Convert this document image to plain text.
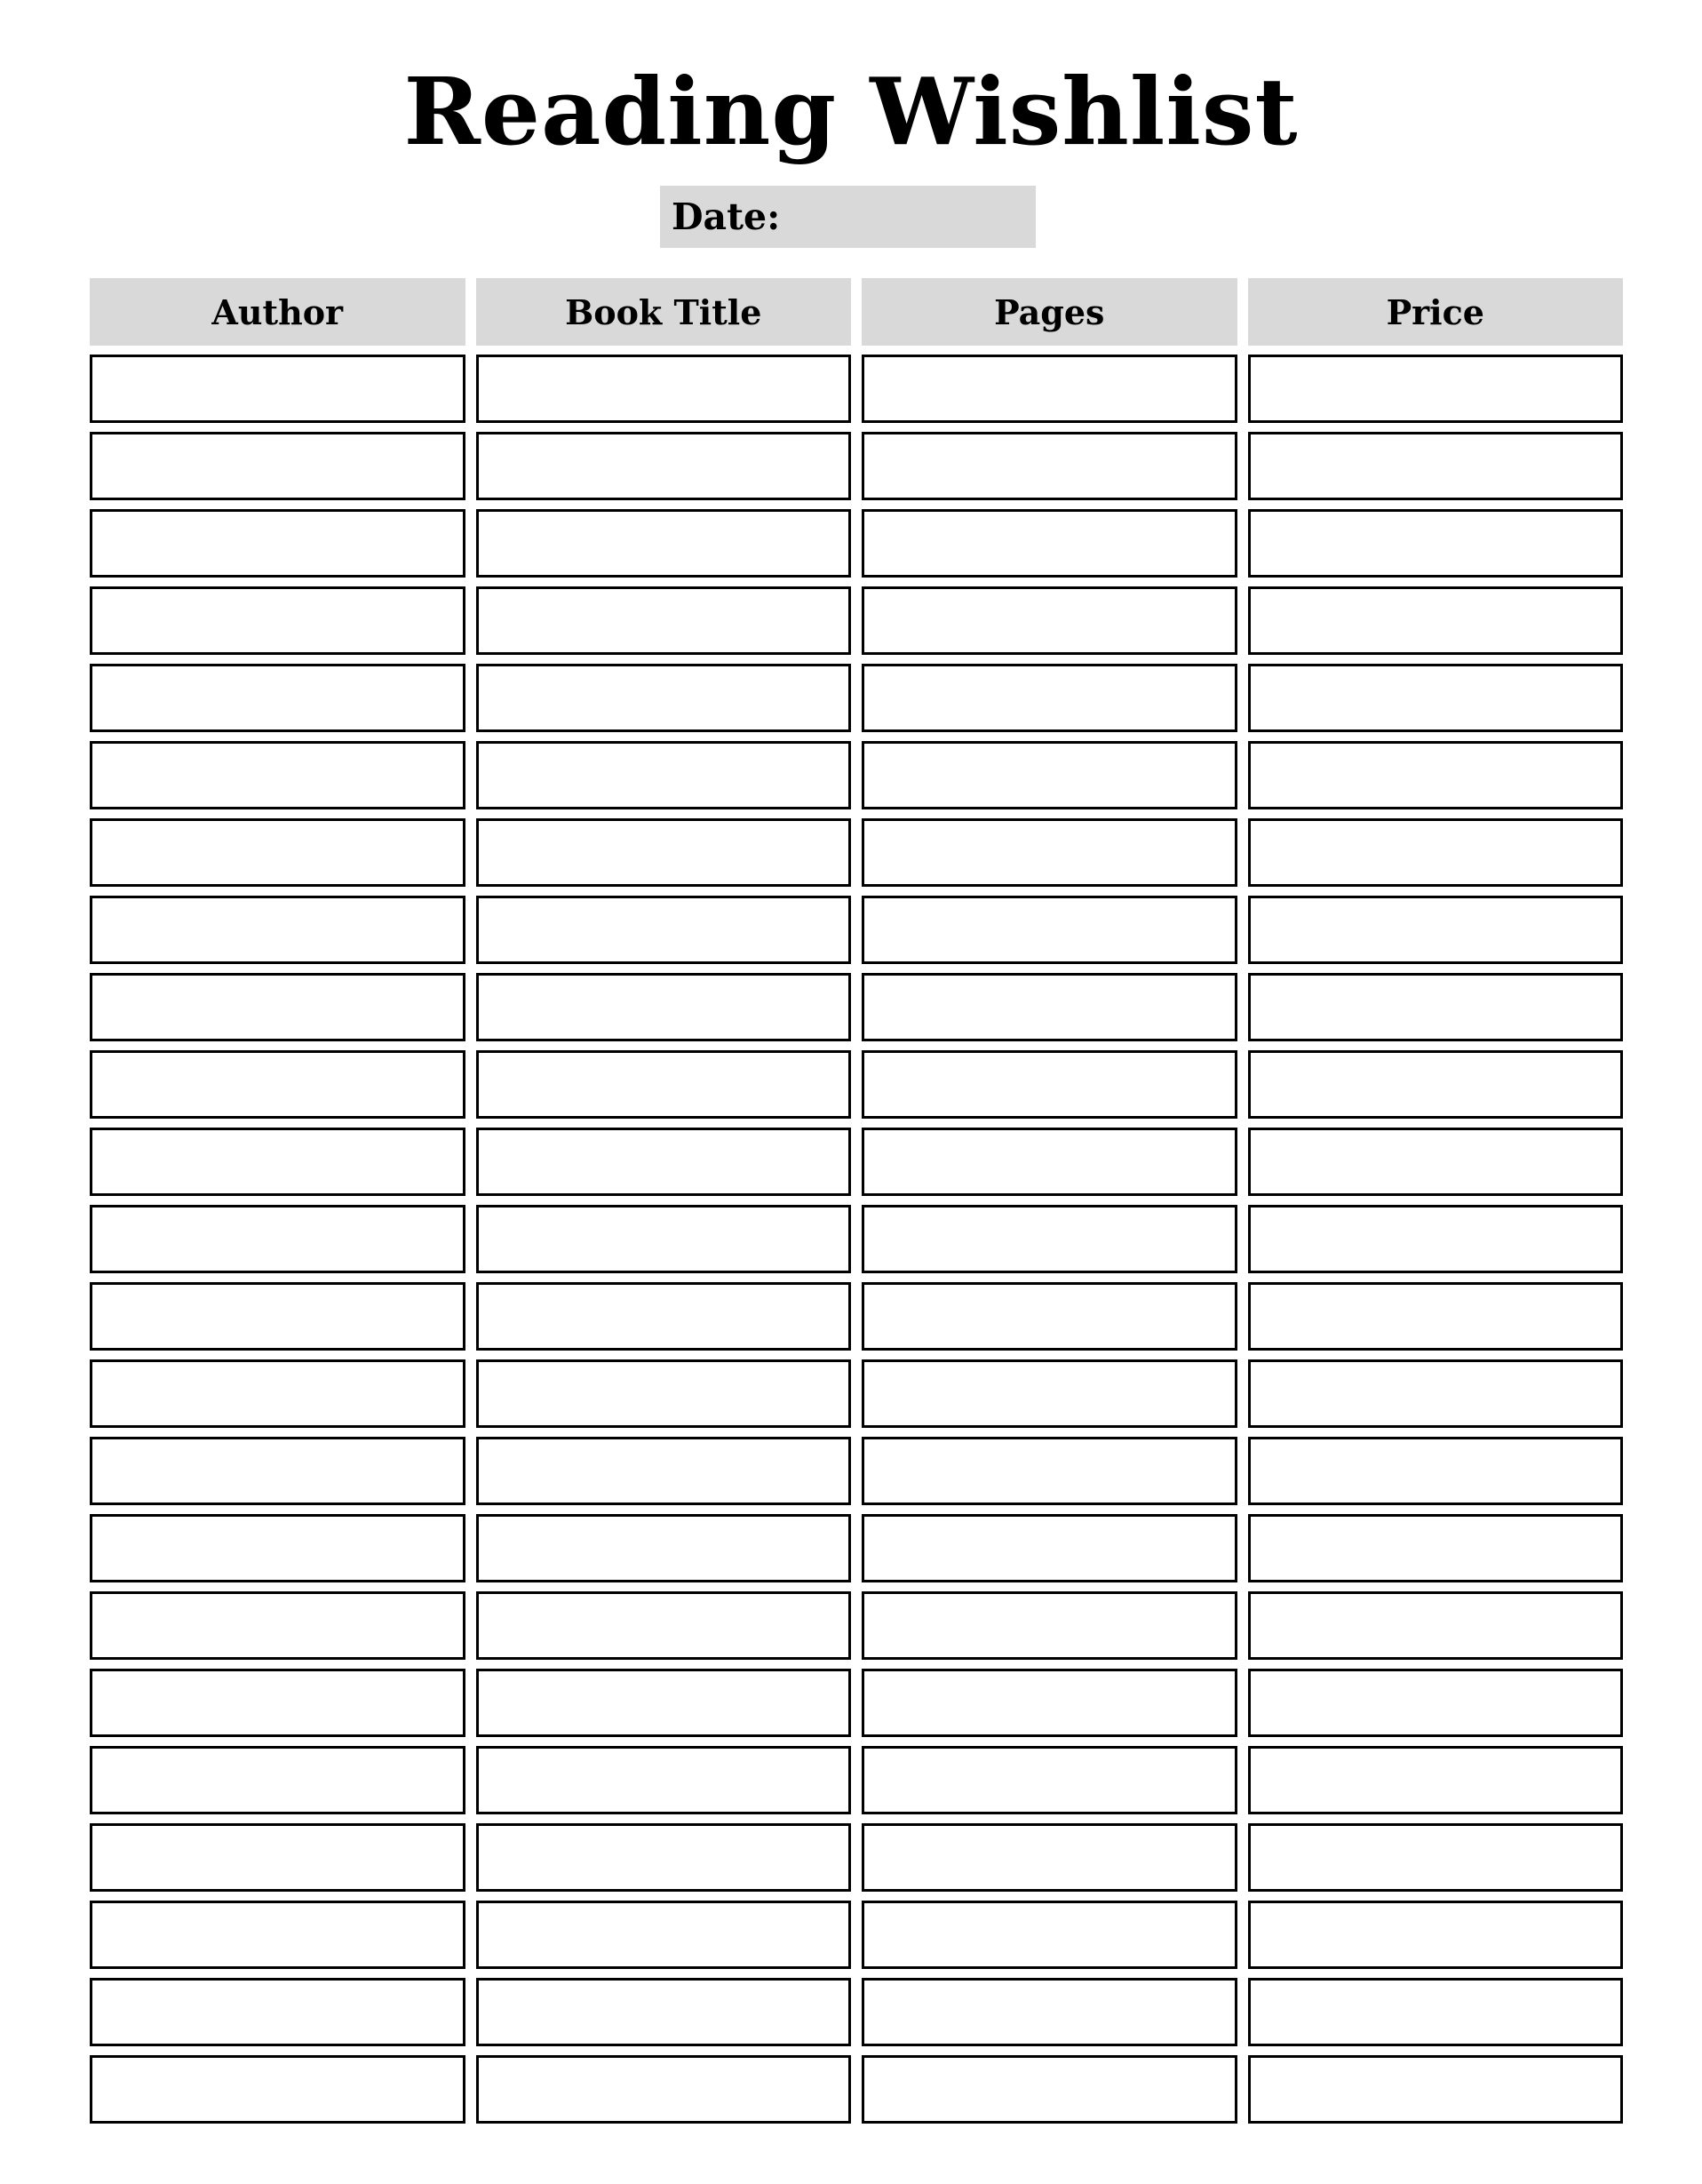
Reading Wishlist
Date:
Author	Book Title	Pages	Price
